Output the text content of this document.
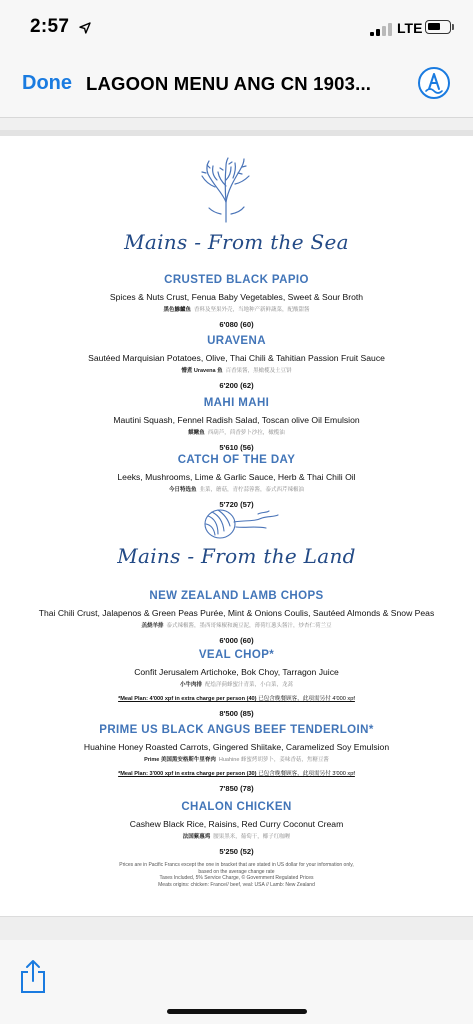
2:57	LTE
Done LAGOON MENU ANG CN 1903...
Mains - From the Sea
CRUSTED BLACK PAPIO
Spices & Nuts Crust, Fenua Baby Vegetables, Sweet & Sour Broth
黑色鰺鱸鱼 香料及坚果外壳，当地种产新鲜蔬菜，配酸甜酱
6'080 (60)
URAVENA
Sautéed Marquisian Potatoes, Olive, Thai Chili & Tahitian Passion Fruit Sauce
懵煮 Uravena 鱼 百香果酱，黑橄榄及土豆饼
6'200 (62)
MAHI MAHI
Mautini Squash, Fennel Radish Salad, Toscan olive Oil Emulsion
鲯鳅鱼 西葫芦，茴香萝卜沙拉，橄榄油
5'610 (56)
CATCH OF THE DAY
Leeks, Mushrooms, Lime & Garlic Sauce, Herb & Thai Chili Oil
今日特选鱼 韭菜，蘑菇，青柠蒜蓉酱，泰式西芹辣椒油
5'720 (57)
Mains - From the Land
NEW ZEALAND LAMB CHOPS
Thai Chili Crust, Jalapenos & Green Peas Purée, Mint & Onions Coulis, Sautéed Almonds & Snow Peas
羔烧羊排 泰式辣椒酱，墨西哥辣椒和豌豆泥，薄荷红葱头酱汁，炒杏仁荷兰豆
6'000 (60)
VEAL CHOP*
Confit Jerusalem Artichoke, Bok Choy, Tarragon Juice
小牛肉排 配烩洋蓟蜂蜜汁青菜，小白菜，龙蒿
*Meal Plan: 4'000 xpf in extra charge per person (40) 已包含晚餐顾客，此项需另付 4'000 xpf
8'500 (85)
PRIME US BLACK ANGUS BEEF TENDERLOIN*
Huahine Honey Roasted Carrots, Gingered Shiitake, Caramelized Soy Emulsion
Prime 美国黑安格斯牛里脊肉 Huahine 蜂蜜烤胡萝卜，姜味香菇，焦糖豆酱
*Meal Plan: 3'000 xpf in extra charge per person (30) 已包含晚餐顾客，此项需另付 3'000 xpf
7'850 (78)
CHALON CHICKEN
Cashew Black Rice, Raisins, Red Curry Coconut Cream
法国紫惠鸡 腰果黑米，葡萄干，椰子红咖喱
5'250 (52)
Prices are in Pacific Francs except the one in bracket that are stated in US dollar for your information only,
based on the average change rate
Taxes Included, 5% Service Charge, © Government Regulated Prices
Meats origins: chicken: France// beef, veal: USA // Lamb: New Zealand
